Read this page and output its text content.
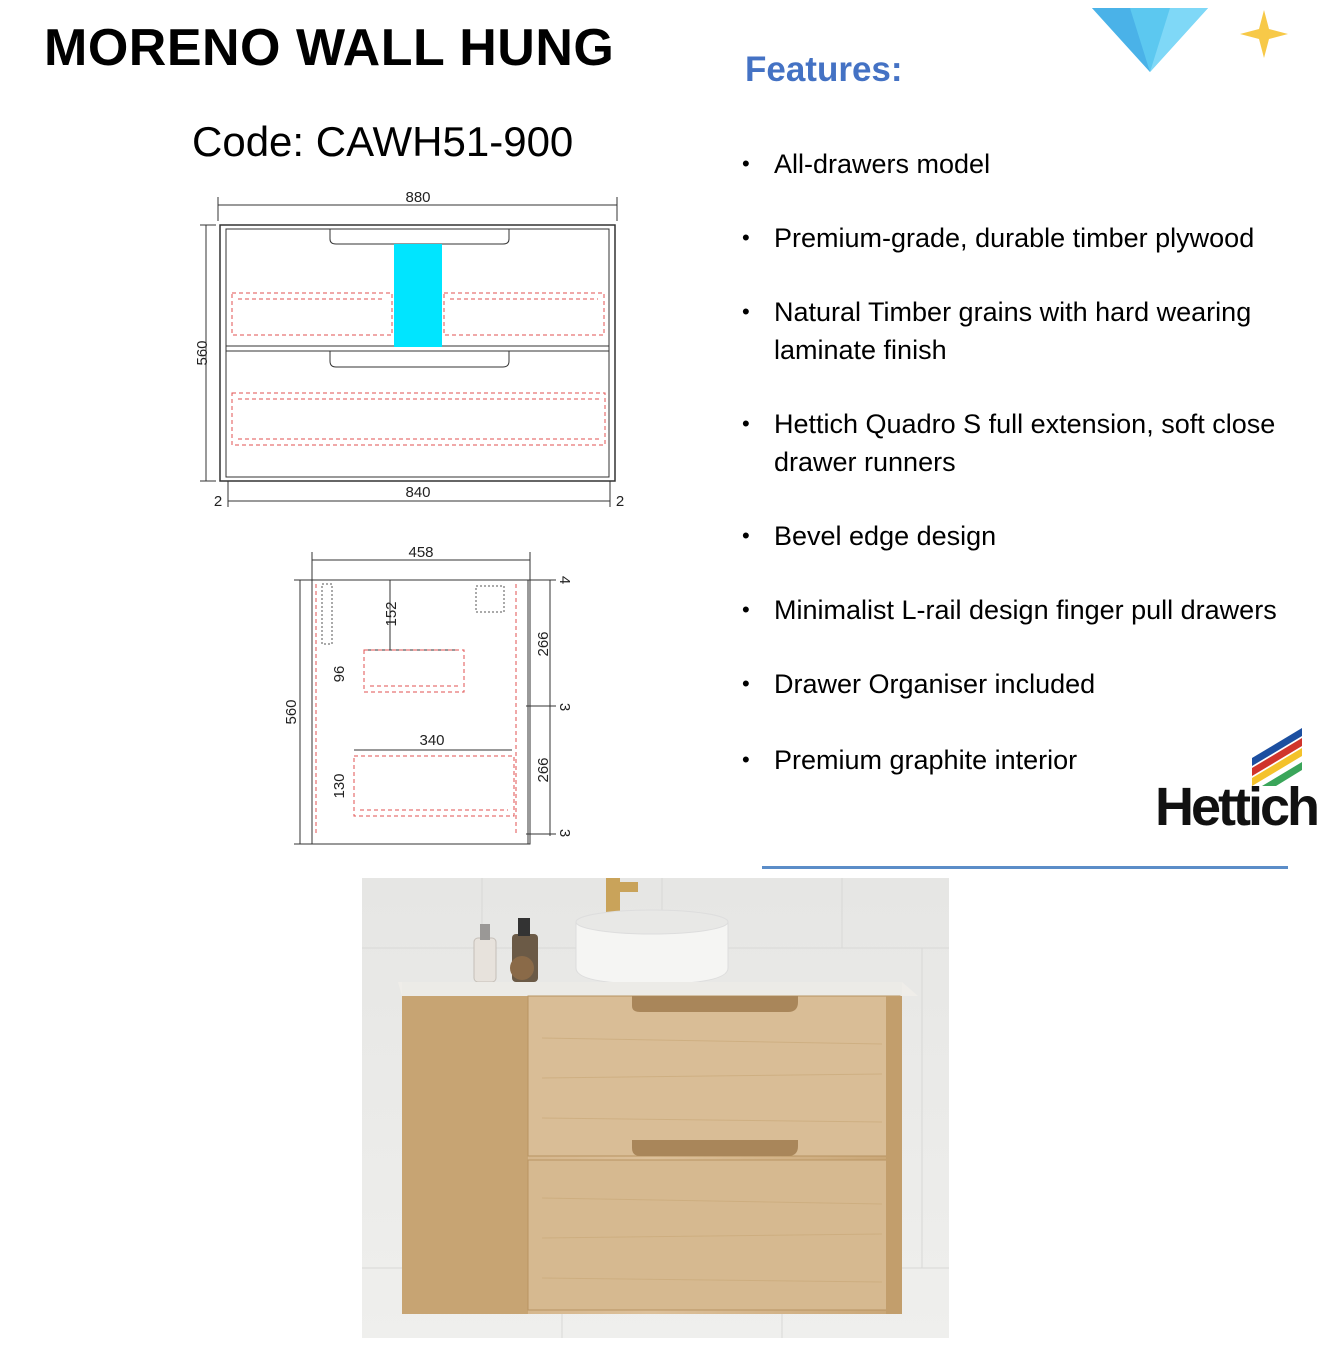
MORENO WALL HUNG
Code: CAWH51-900
Features:
• All-drawers model
• Premium-grade, durable timber plywood
• Natural Timber grains with hard wearing laminate finish
• Hettich Quadro S full extension, soft close drawer runners
• Bevel edge design
• Minimalist L-rail design finger pull drawers
• Drawer Organiser included
• Premium graphite interior
880
840
560
2	2
458
560
4
3
3
266
266
152
96
340
130	Hettich
